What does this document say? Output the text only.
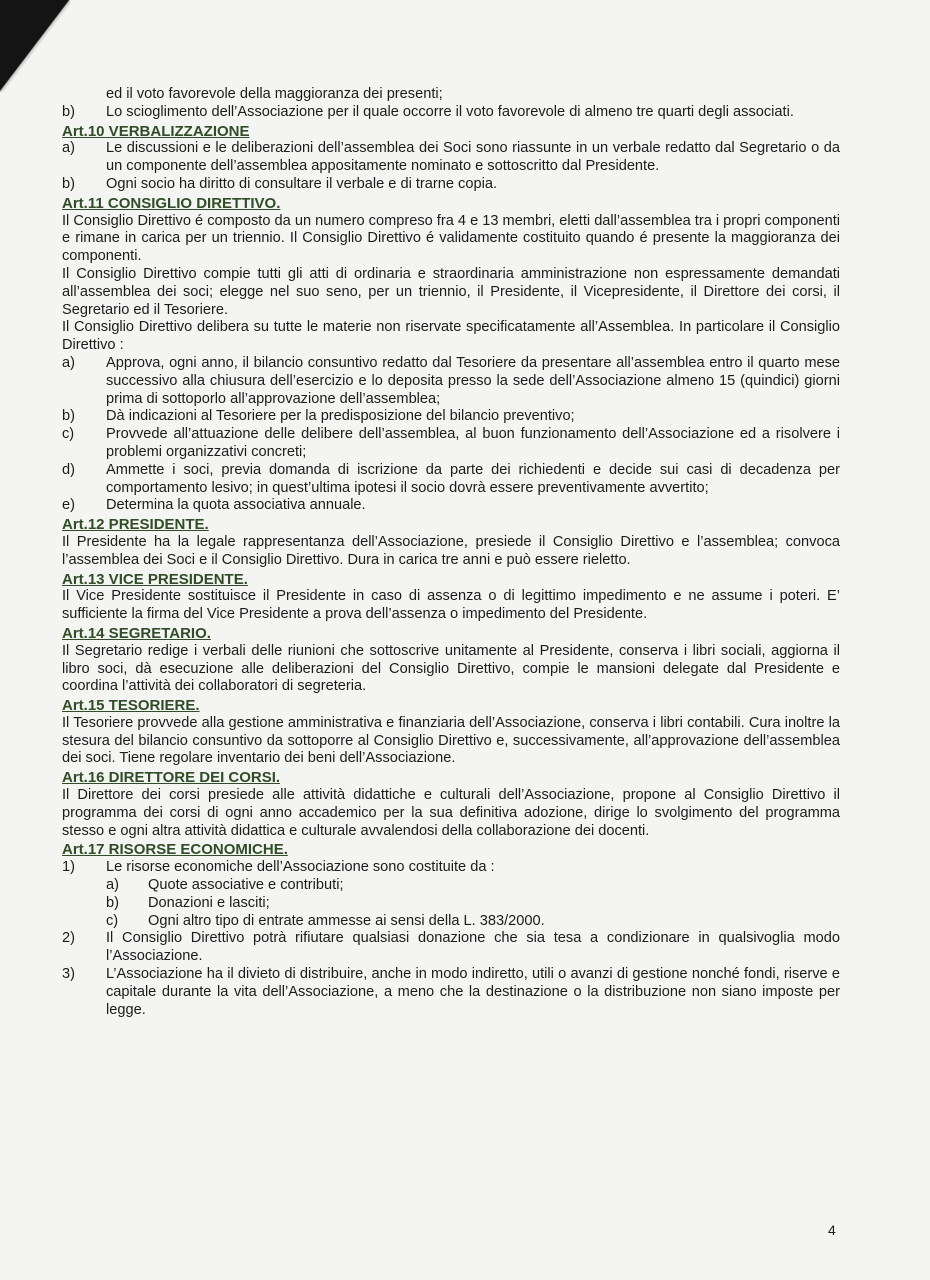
ed il voto favorevole della maggioranza dei presenti;
b)	Lo scioglimento dell’Associazione per il quale occorre il voto favorevole di almeno tre quarti degli associati.
Art.10 VERBALIZZAZIONE
a)	Le discussioni e le deliberazioni dell’assemblea dei Soci sono riassunte in un verbale redatto dal Segretario o da un componente dell’assemblea appositamente nominato e sottoscritto dal Presidente.
b)	Ogni socio ha diritto di consultare il verbale e di trarne copia.
Art.11 CONSIGLIO DIRETTIVO.
Il Consiglio Direttivo é composto da un numero compreso fra 4 e 13 membri, eletti dall’assemblea tra i propri componenti e rimane in carica per un triennio. Il Consiglio Direttivo é validamente costituito quando é presente la maggioranza dei componenti.
Il Consiglio Direttivo compie tutti gli atti di ordinaria e straordinaria amministrazione non espressamente demandati all’assemblea dei soci; elegge nel suo seno, per un triennio, il Presidente, il Vicepresidente, il Direttore dei corsi, il Segretario ed il Tesoriere.
Il Consiglio Direttivo delibera su tutte le materie non riservate specificatamente all’Assemblea. In particolare il Consiglio Direttivo :
a)	Approva, ogni anno, il bilancio consuntivo redatto dal Tesoriere da presentare all’assemblea entro il quarto mese successivo alla chiusura dell’esercizio e lo deposita presso la sede dell’Associazione almeno 15 (quindici) giorni prima di sottoporlo all’approvazione dell’assemblea;
b)	Dà indicazioni al Tesoriere per la predisposizione del bilancio preventivo;
c)	Provvede all’attuazione delle delibere dell’assemblea, al buon funzionamento dell’Associazione ed a risolvere i problemi organizzativi concreti;
d)	Ammette i soci, previa domanda di iscrizione da parte dei richiedenti e decide sui casi di decadenza per comportamento lesivo; in quest’ultima ipotesi il socio dovrà essere preventivamente avvertito;
e)	Determina la quota associativa annuale.
Art.12 PRESIDENTE.
Il Presidente ha la legale rappresentanza dell’Associazione, presiede il Consiglio Direttivo e l’assemblea; convoca l’assemblea dei Soci e il Consiglio Direttivo. Dura in carica tre anni e può essere rieletto.
Art.13 VICE PRESIDENTE.
Il Vice Presidente sostituisce il Presidente in caso di assenza o di legittimo impedimento e ne assume i poteri. E’ sufficiente la firma del Vice Presidente a prova dell’assenza o impedimento del Presidente.
Art.14 SEGRETARIO.
Il Segretario redige i verbali delle riunioni che sottoscrive unitamente al Presidente, conserva i libri sociali, aggiorna il libro soci, dà esecuzione alle deliberazioni del Consiglio Direttivo, compie le mansioni delegate dal Presidente e coordina l’attività dei collaboratori di segreteria.
Art.15 TESORIERE.
Il Tesoriere provvede alla gestione amministrativa e finanziaria dell’Associazione, conserva i libri contabili. Cura inoltre la stesura del bilancio consuntivo da sottoporre al Consiglio Direttivo e, successivamente, all’approvazione dell’assemblea dei soci. Tiene regolare inventario dei beni dell’Associazione.
Art.16 DIRETTORE DEI CORSI.
Il Direttore dei corsi presiede alle attività didattiche e culturali dell’Associazione, propone al Consiglio Direttivo il programma dei corsi di ogni anno accademico per la sua definitiva adozione, dirige lo svolgimento del programma stesso e ogni altra attività didattica e culturale avvalendosi della collaborazione dei docenti.
Art.17 RISORSE ECONOMICHE.
1)	Le risorse economiche dell’Associazione sono costituite da :
a)	Quote associative e contributi;
b)	Donazioni e lasciti;
c)	Ogni altro tipo di entrate ammesse ai sensi della L. 383/2000.
2)	Il Consiglio Direttivo potrà rifiutare qualsiasi donazione che sia tesa a condizionare in qualsivoglia modo l’Associazione.
3)	L’Associazione ha il divieto di distribuire, anche in modo indiretto, utili o avanzi di gestione nonché fondi, riserve e capitale durante la vita dell’Associazione, a meno che la destinazione o la distribuzione non siano imposte per legge.
4
